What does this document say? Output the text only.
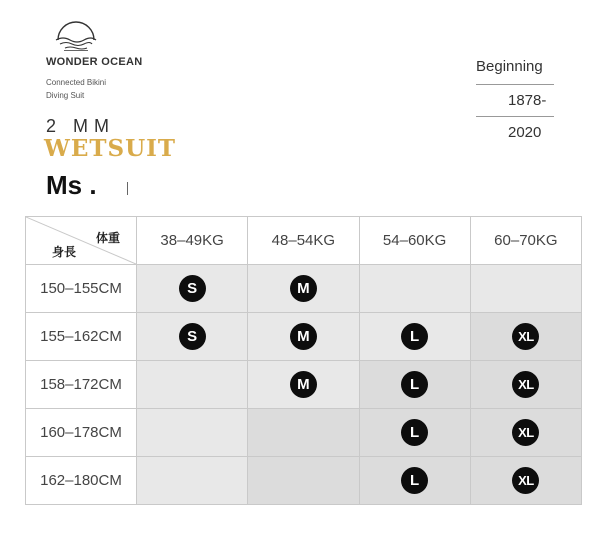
WONDER OCEAN
Connected Bikini
Diving Suit
2 MM
WETSUIT
Ms .
Beginning
1878-
2020
体重
身長	38–49KG	48–54KG	54–60KG	60–70KG
150–155CM	S	M		
155–162CM	S	M	L	XL
158–172CM		M	L	XL
160–178CM			L	XL
162–180CM			L	XL
